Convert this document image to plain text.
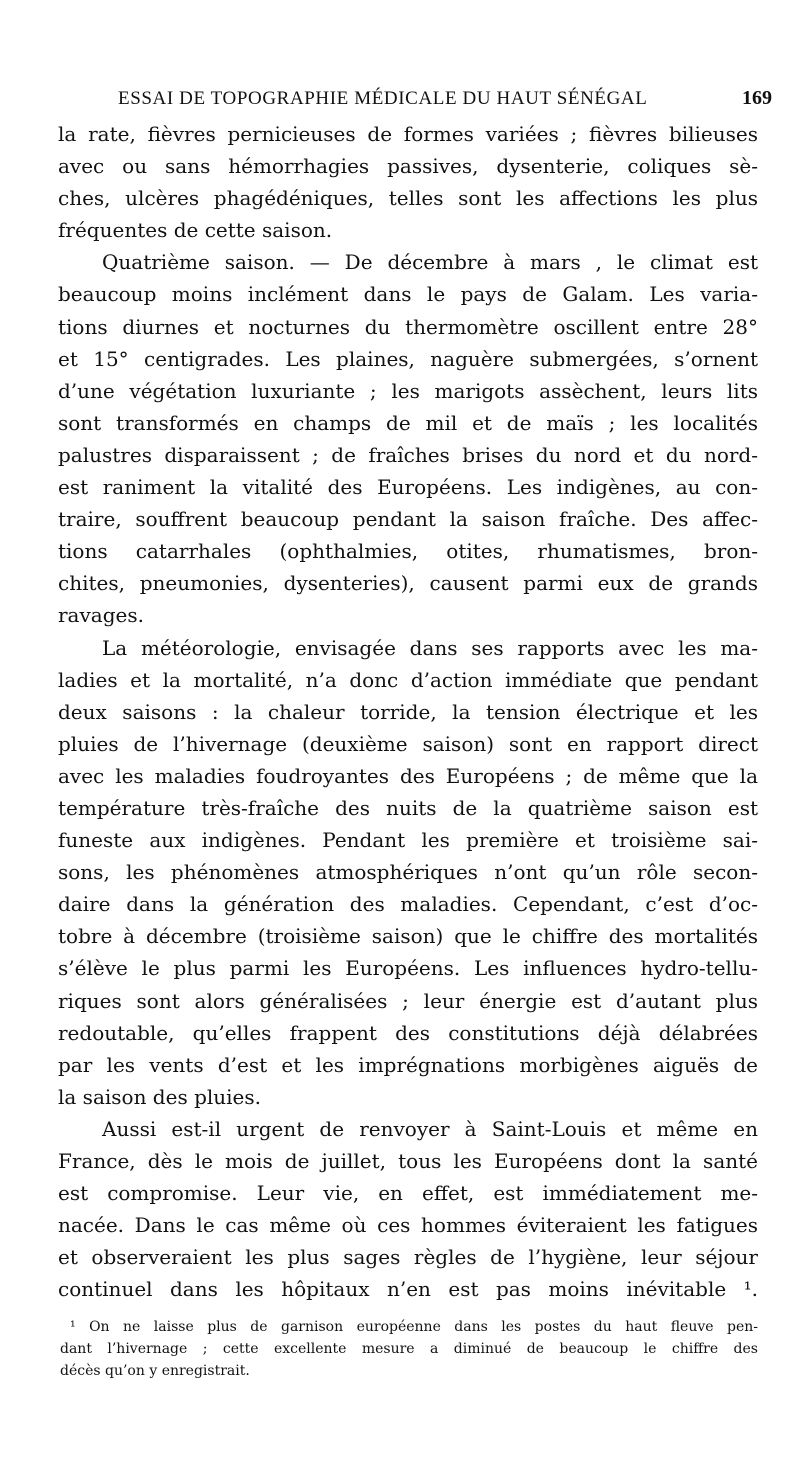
ESSAI DE TOPOGRAPHIE MÉDICALE DU HAUT SÉNÉGAL	169
la rate, fièvres pernicieuses de formes variées ; fièvres bilieuses
avec ou sans hémorrhagies passives, dysenterie, coliques sè-
ches, ulcères phagédéniques, telles sont les affections les plus
fréquentes de cette saison.
Quatrième saison. — De décembre à mars , le climat est
beaucoup moins inclément dans le pays de Galam. Les varia-
tions diurnes et nocturnes du thermomètre oscillent entre 28°
et 15° centigrades. Les plaines, naguère submergées, s’ornent
d’une végétation luxuriante ; les marigots assèchent, leurs lits
sont transformés en champs de mil et de maïs ; les localités
palustres disparaissent ; de fraîches brises du nord et du nord-
est raniment la vitalité des Européens. Les indigènes, au con-
traire, souffrent beaucoup pendant la saison fraîche. Des affec-
tions catarrhales (ophthalmies, otites, rhumatismes, bron-
chites, pneumonies, dysenteries), causent parmi eux de grands
ravages.
La météorologie, envisagée dans ses rapports avec les ma-
ladies et la mortalité, n’a donc d’action immédiate que pendant
deux saisons : la chaleur torride, la tension électrique et les
pluies de l’hivernage (deuxième saison) sont en rapport direct
avec les maladies foudroyantes des Européens ; de même que la
température très-fraîche des nuits de la quatrième saison est
funeste aux indigènes. Pendant les première et troisième sai-
sons, les phénomènes atmosphériques n’ont qu’un rôle secon-
daire dans la génération des maladies. Cependant, c’est d’oc-
tobre à décembre (troisième saison) que le chiffre des mortalités
s’élève le plus parmi les Européens. Les influences hydro-tellu-
riques sont alors généralisées ; leur énergie est d’autant plus
redoutable, qu’elles frappent des constitutions déjà délabrées
par les vents d’est et les imprégnations morbigènes aiguës de
la saison des pluies.
Aussi est-il urgent de renvoyer à Saint-Louis et même en
France, dès le mois de juillet, tous les Européens dont la santé
est compromise. Leur vie, en effet, est immédiatement me-
nacée. Dans le cas même où ces hommes éviteraient les fatigues
et observeraient les plus sages règles de l’hygiène, leur séjour
continuel dans les hôpitaux n’en est pas moins inévitable ¹.
¹ On ne laisse plus de garnison européenne dans les postes du haut fleuve pen-
dant l’hivernage ; cette excellente mesure a diminué de beaucoup le chiffre des
décès qu’on y enregistrait.
